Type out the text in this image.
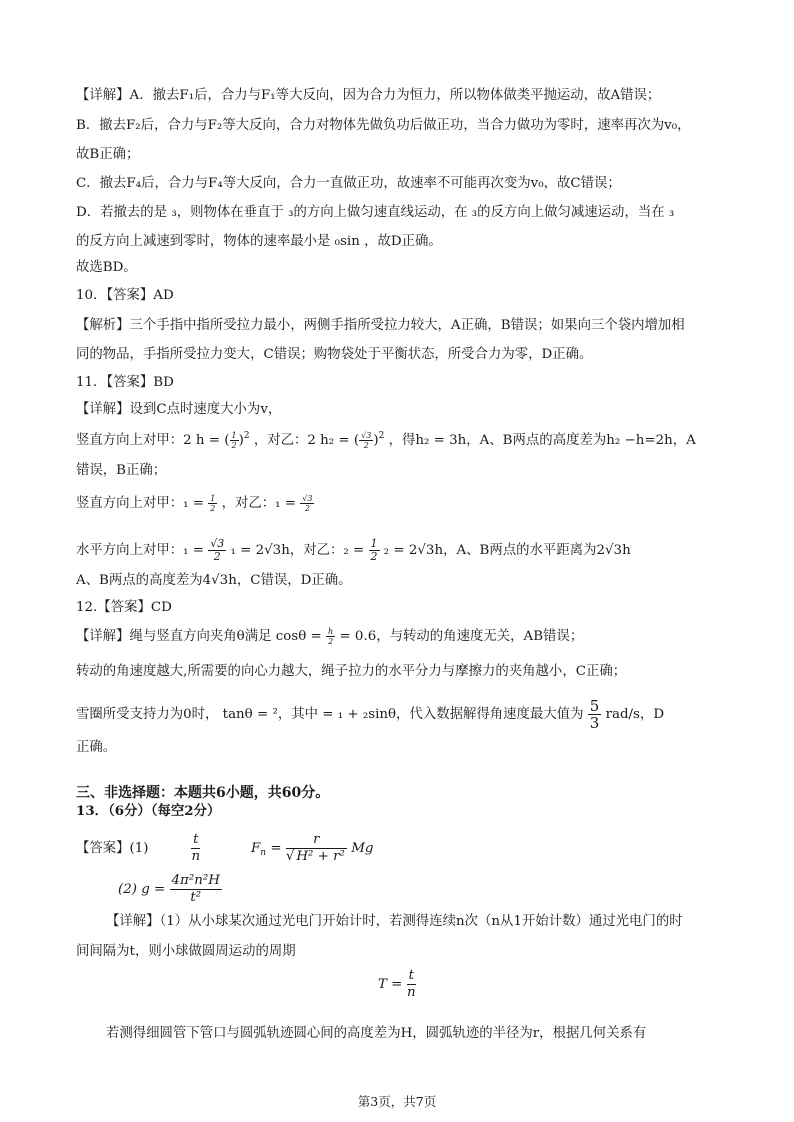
【详解】A．撤去F₁后，合力与F₁等大反向，因为合力为恒力，所以物体做类平抛运动，故A错误；
B．撤去F₂后，合力与F₂等大反向，合力对物体先做负功后做正功，当合力做功为零时，速率再次为v₀，
故B正确；
C．撤去F₄后，合力与F₄等大反向，合力一直做正功，故速率不可能再次变为v₀，故C错误；
D．若撤去的是 ₃，则物体在垂直于 ₃的方向上做匀速直线运动，在 ₃的反方向上做匀减速运动，当在 ₃
的反方向上减速到零时，物体的速率最小是 ₀sin ，故D正确。
故选BD。
10．【答案】AD
【解析】三个手指中指所受拉力最小，两侧手指所受拉力较大，A正确，B错误；如果向三个袋内增加相
同的物品，手指所受拉力变大，C错误；购物袋处于平衡状态，所受合力为零，D正确。
11．【答案】BD
【详解】设到C点时速度大小为v，
竖直方向上对甲：2 h = ( $\frac{1}{2} )^2$ ，对乙：2 h₂ = ( $\frac{√3}{2} )^2$ ，得h₂ = 3h，A、B两点的高度差为h₂ −h=2h，A
错误，B正确；
竖直方向上对甲：$_1 = \frac{1}{2}$ ，对乙：$_1 = \frac{√3}{2}$
水平方向上对甲：$_1 = \frac{√3}{2} _1 = 2√3h$，对乙：$_2 = \frac{1}{2} _2 = 2√3h$，A、B两点的水平距离为2√3h
A、B两点的高度差为4√3h，C错误，D正确。
12.【答案】CD
【详解】绳与竖直方向夹角θ满足 $\cos\theta = \frac{h}{2} = 0.6$，与转动的角速度无关，AB错误；
转动的角速度越大,所需要的向心力越大，绳子拉力的水平分力与摩擦力的夹角越小，C正确；
雪圈所受支持力为0时， tanθ = ²，其中 = ₁ + ₂sinθ，代入数据解得角速度最大值为 $\frac{5}{3} rad/s$，D
正确。
三、非选择题：本题共6小题，共60分。
13．（6分）（每空2分）
【答案】(1)	$\frac{t}{n}$	$F_n = \frac{r}{\text{√ H² + r²}}$ Mg
(2) $g = \frac{\text{4π²n²H}}{\text{t²}}$
【详解】（1）从小球某次通过光电门开始计时，若测得连续n次（n从1开始计数）通过光电门的时
间间隔为t，则小球做圆周运动的周期
$T = \frac{t}{n}$
若测得细圆管下管口与圆弧轨迹圆心间的高度差为H，圆弧轨迹的半径为r，根据几何关系有
第3页，共7页
